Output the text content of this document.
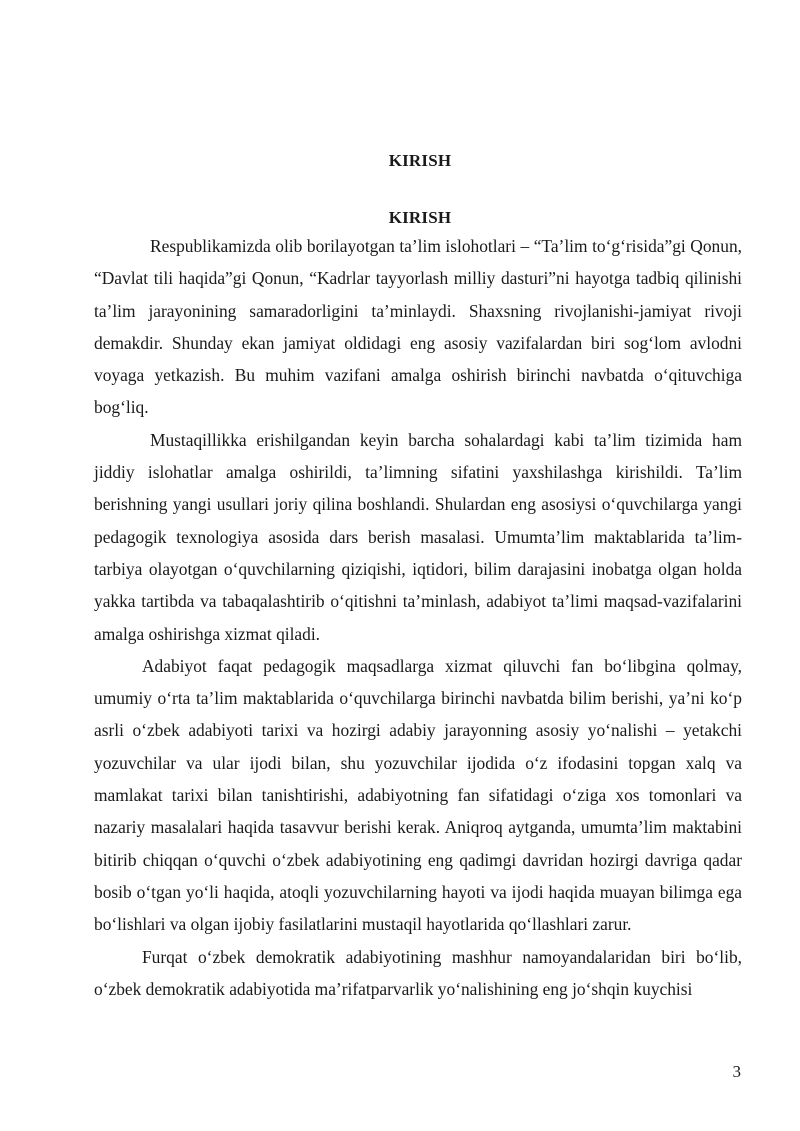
KIRISH
KIRISH

Respublikamizda olib borilayotgan ta’lim islohotlari – “Ta’lim to‘g‘risida”gi Qonun, “Davlat tili haqida”gi Qonun, “Kadrlar tayyorlash milliy dasturi”ni hayotga tadbiq qilinishi ta’lim jarayonining samaradorligini ta’minlaydi. Shaxsning rivojlanishi-jamiyat rivoji demakdir. Shunday ekan jamiyat oldidagi eng asosiy vazifalardan biri sog‘lom avlodni voyaga yetkazish. Bu muhim vazifani amalga oshirish birinchi navbatda o‘qituvchiga bog‘liq.

Mustaqillikka erishilgandan keyin barcha sohalardagi kabi ta’lim tizimida ham jiddiy islohatlar amalga oshirildi, ta’limning sifatini yaxshilashga kirishildi. Ta’lim berishning yangi usullari joriy qilina boshlandi. Shulardan eng asosiysi o‘quvchilarga yangi pedagogik texnologiya asosida dars berish masalasi. Umumta’lim maktablarida ta’lim-tarbiya olayotgan o‘quvchilarning qiziqishi, iqtidori, bilim darajasini inobatga olgan holda yakka tartibda va tabaqalashtirib o‘qitishni ta’minlash, adabiyot ta’limi maqsad-vazifalarini amalga oshirishga xizmat qiladi.

Adabiyot faqat pedagogik maqsadlarga xizmat qiluvchi fan bo‘libgina qolmay, umumiy o‘rta ta’lim maktablarida o‘quvchilarga birinchi navbatda bilim berishi, ya’ni ko‘p asrli o‘zbek adabiyoti tarixi va hozirgi adabiy jarayonning asosiy yo‘nalishi – yetakchi yozuvchilar va ular ijodi bilan, shu yozuvchilar ijodida o‘z ifodasini topgan xalq va mamlakat tarixi bilan tanishtirishi, adabiyotning fan sifatidagi o‘ziga xos tomonlari va nazariy masalalari haqida tasavvur berishi kerak. Aniqroq aytganda, umumta’lim maktabini bitirib chiqqan o‘quvchi o‘zbek adabiyotining eng qadimgi davridan hozirgi davriga qadar bosib o‘tgan yo‘li haqida, atoqli yozuvchilarning hayoti va ijodi haqida muayan bilimga ega bo‘lishlari va olgan ijobiy fasilatlarini mustaqil hayotlarida qo‘llashlari zarur.

Furqat o‘zbek demokratik adabiyotining mashhur namoyandalaridan biri bo‘lib, o‘zbek demokratik adabiyotida ma’rifatparvarlik yo‘nalishining eng jo‘shqin kuychisi

3
